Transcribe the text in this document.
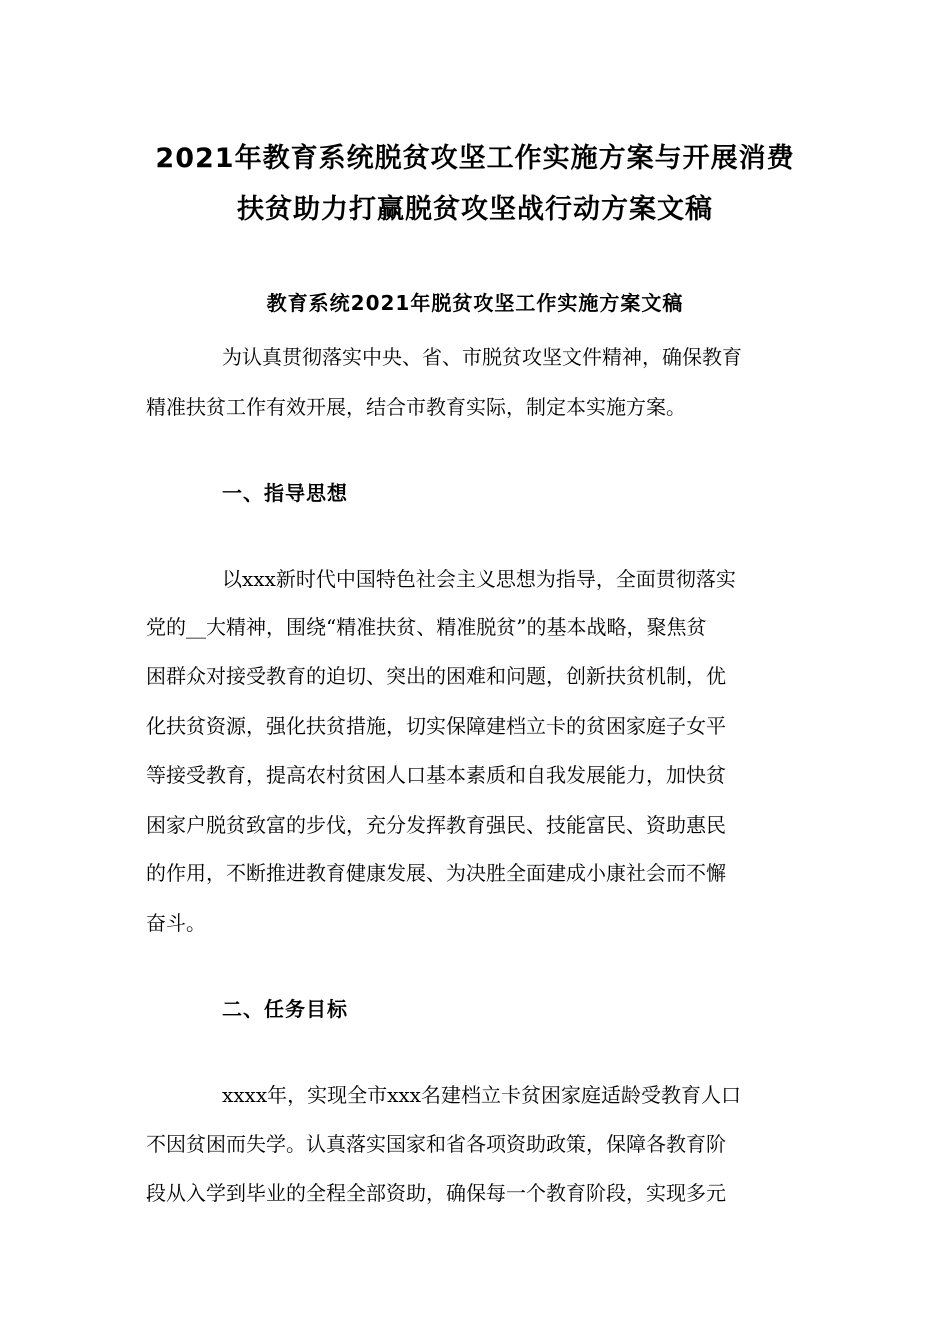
2021年教育系统脱贫攻坚工作实施方案与开展消费
扶贫助力打赢脱贫攻坚战行动方案文稿
教育系统2021年脱贫攻坚工作实施方案文稿
为认真贯彻落实中央、省、市脱贫攻坚文件精神，确保教育
精准扶贫工作有效开展，结合市教育实际，制定本实施方案。
一、指导思想
以xxx新时代中国特色社会主义思想为指导，全面贯彻落实
党的__大精神，围绕“精准扶贫、精准脱贫”的基本战略，聚焦贫
困群众对接受教育的迫切、突出的困难和问题，创新扶贫机制，优
化扶贫资源，强化扶贫措施，切实保障建档立卡的贫困家庭子女平
等接受教育，提高农村贫困人口基本素质和自我发展能力，加快贫
困家户脱贫致富的步伐，充分发挥教育强民、技能富民、资助惠民
的作用，不断推进教育健康发展、为决胜全面建成小康社会而不懈
奋斗。
二、任务目标
xxxx年，实现全市xxx名建档立卡贫困家庭适龄受教育人口
不因贫困而失学。认真落实国家和省各项资助政策，保障各教育阶
段从入学到毕业的全程全部资助，确保每一个教育阶段，实现多元
